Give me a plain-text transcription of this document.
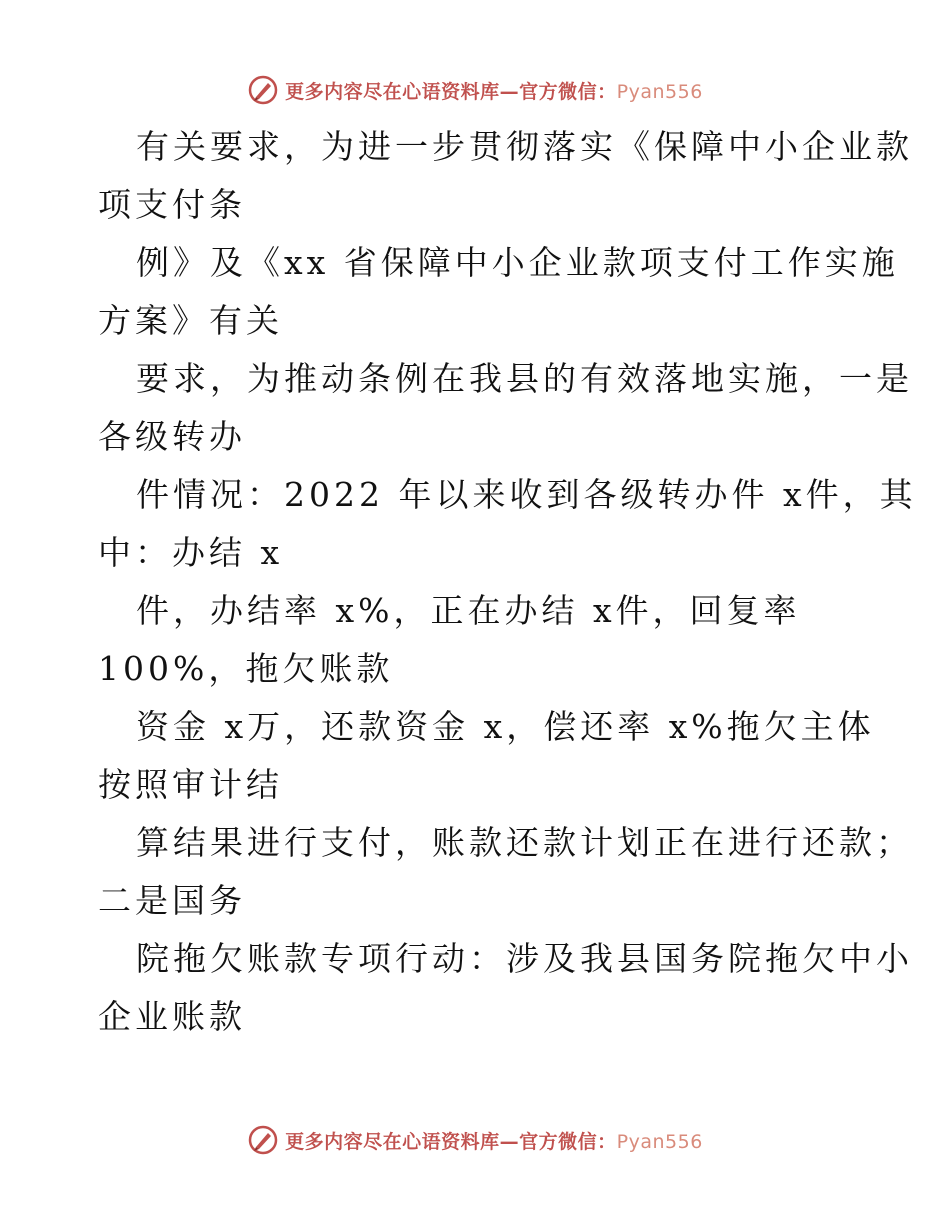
更多内容尽在心语资料库—官方微信：Pyan556
有关要求，为进一步贯彻落实《保障中小企业款
项支付条
例》及《xx 省保障中小企业款项支付工作实施
方案》有关
要求，为推动条例在我县的有效落地实施，一是
各级转办
件情况：2022 年以来收到各级转办件 x件，其
中：办结 x
件，办结率 x%，正在办结 x件，回复率
100%，拖欠账款
资金 x万，还款资金 x，偿还率 x%拖欠主体
按照审计结
算结果进行支付，账款还款计划正在进行还款；
二是国务
院拖欠账款专项行动：涉及我县国务院拖欠中小
企业账款
更多内容尽在心语资料库—官方微信：Pyan556
